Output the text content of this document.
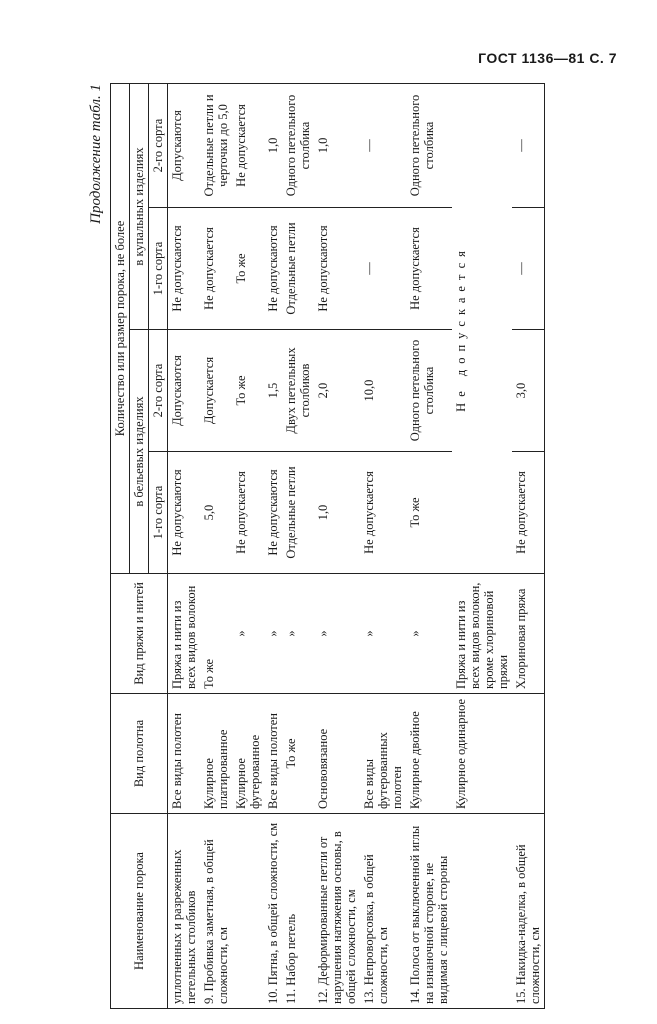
ГОСТ 1136—81 С. 7
Продолжение табл. 1
Наименование порока	Вид полотна	Вид пряжи и нитей	Количество или размер порока, не более			
			в бельевых изделиях		в купальных изделиях	
			1-го сорта	2-го сорта	1-го сорта	2-го сорта
уплотненных и разреженных петельных столбиков	Все виды полотен	Пряжа и нити из всех видов волокон	Не допускаются	Допускаются	Не допускаются	Допускаются
9. Пробивка заметная, в общей сложности, см	Кулирное платированное	То же	5,0	Допускается	Не допускается	Отдельные петли и черточки до 5,0
	Кулирное футерованное	»	Не допускается	То же	То же	Не допускается
10. Пятна, в общей сложности, см	Все виды полотен	»	Не допускаются	1,5	Не допускаются	1,0
11. Набор петель	То же	»	Отдельные петли	Двух петельных столбиков	Отдельные петли	Одного петельного столбика
12. Деформированные петли от нарушения натяжения основы, в общей сложности, см	Основовязаное	»	1,0	2,0	Не допускаются	1,0
13. Непроворсовка, в общей сложности, см	Все виды футерованных полотен	»	Не допускается	10,0	—	—
14. Полоса от выключенной иглы на изнаночной стороне, не видимая с лицевой стороны	Кулирное двойное	»	То же	Одного петельного столбика	Не допускается	Одного петельного столбика
	Кулирное одинарное	Пряжа и нити из всех видов волокон, кроме хлориновой пряжи	Не допускается			
15. Накидка-наделка, в общей сложности, см		Хлориновая пряжа	Не допускается	3,0	—	—
